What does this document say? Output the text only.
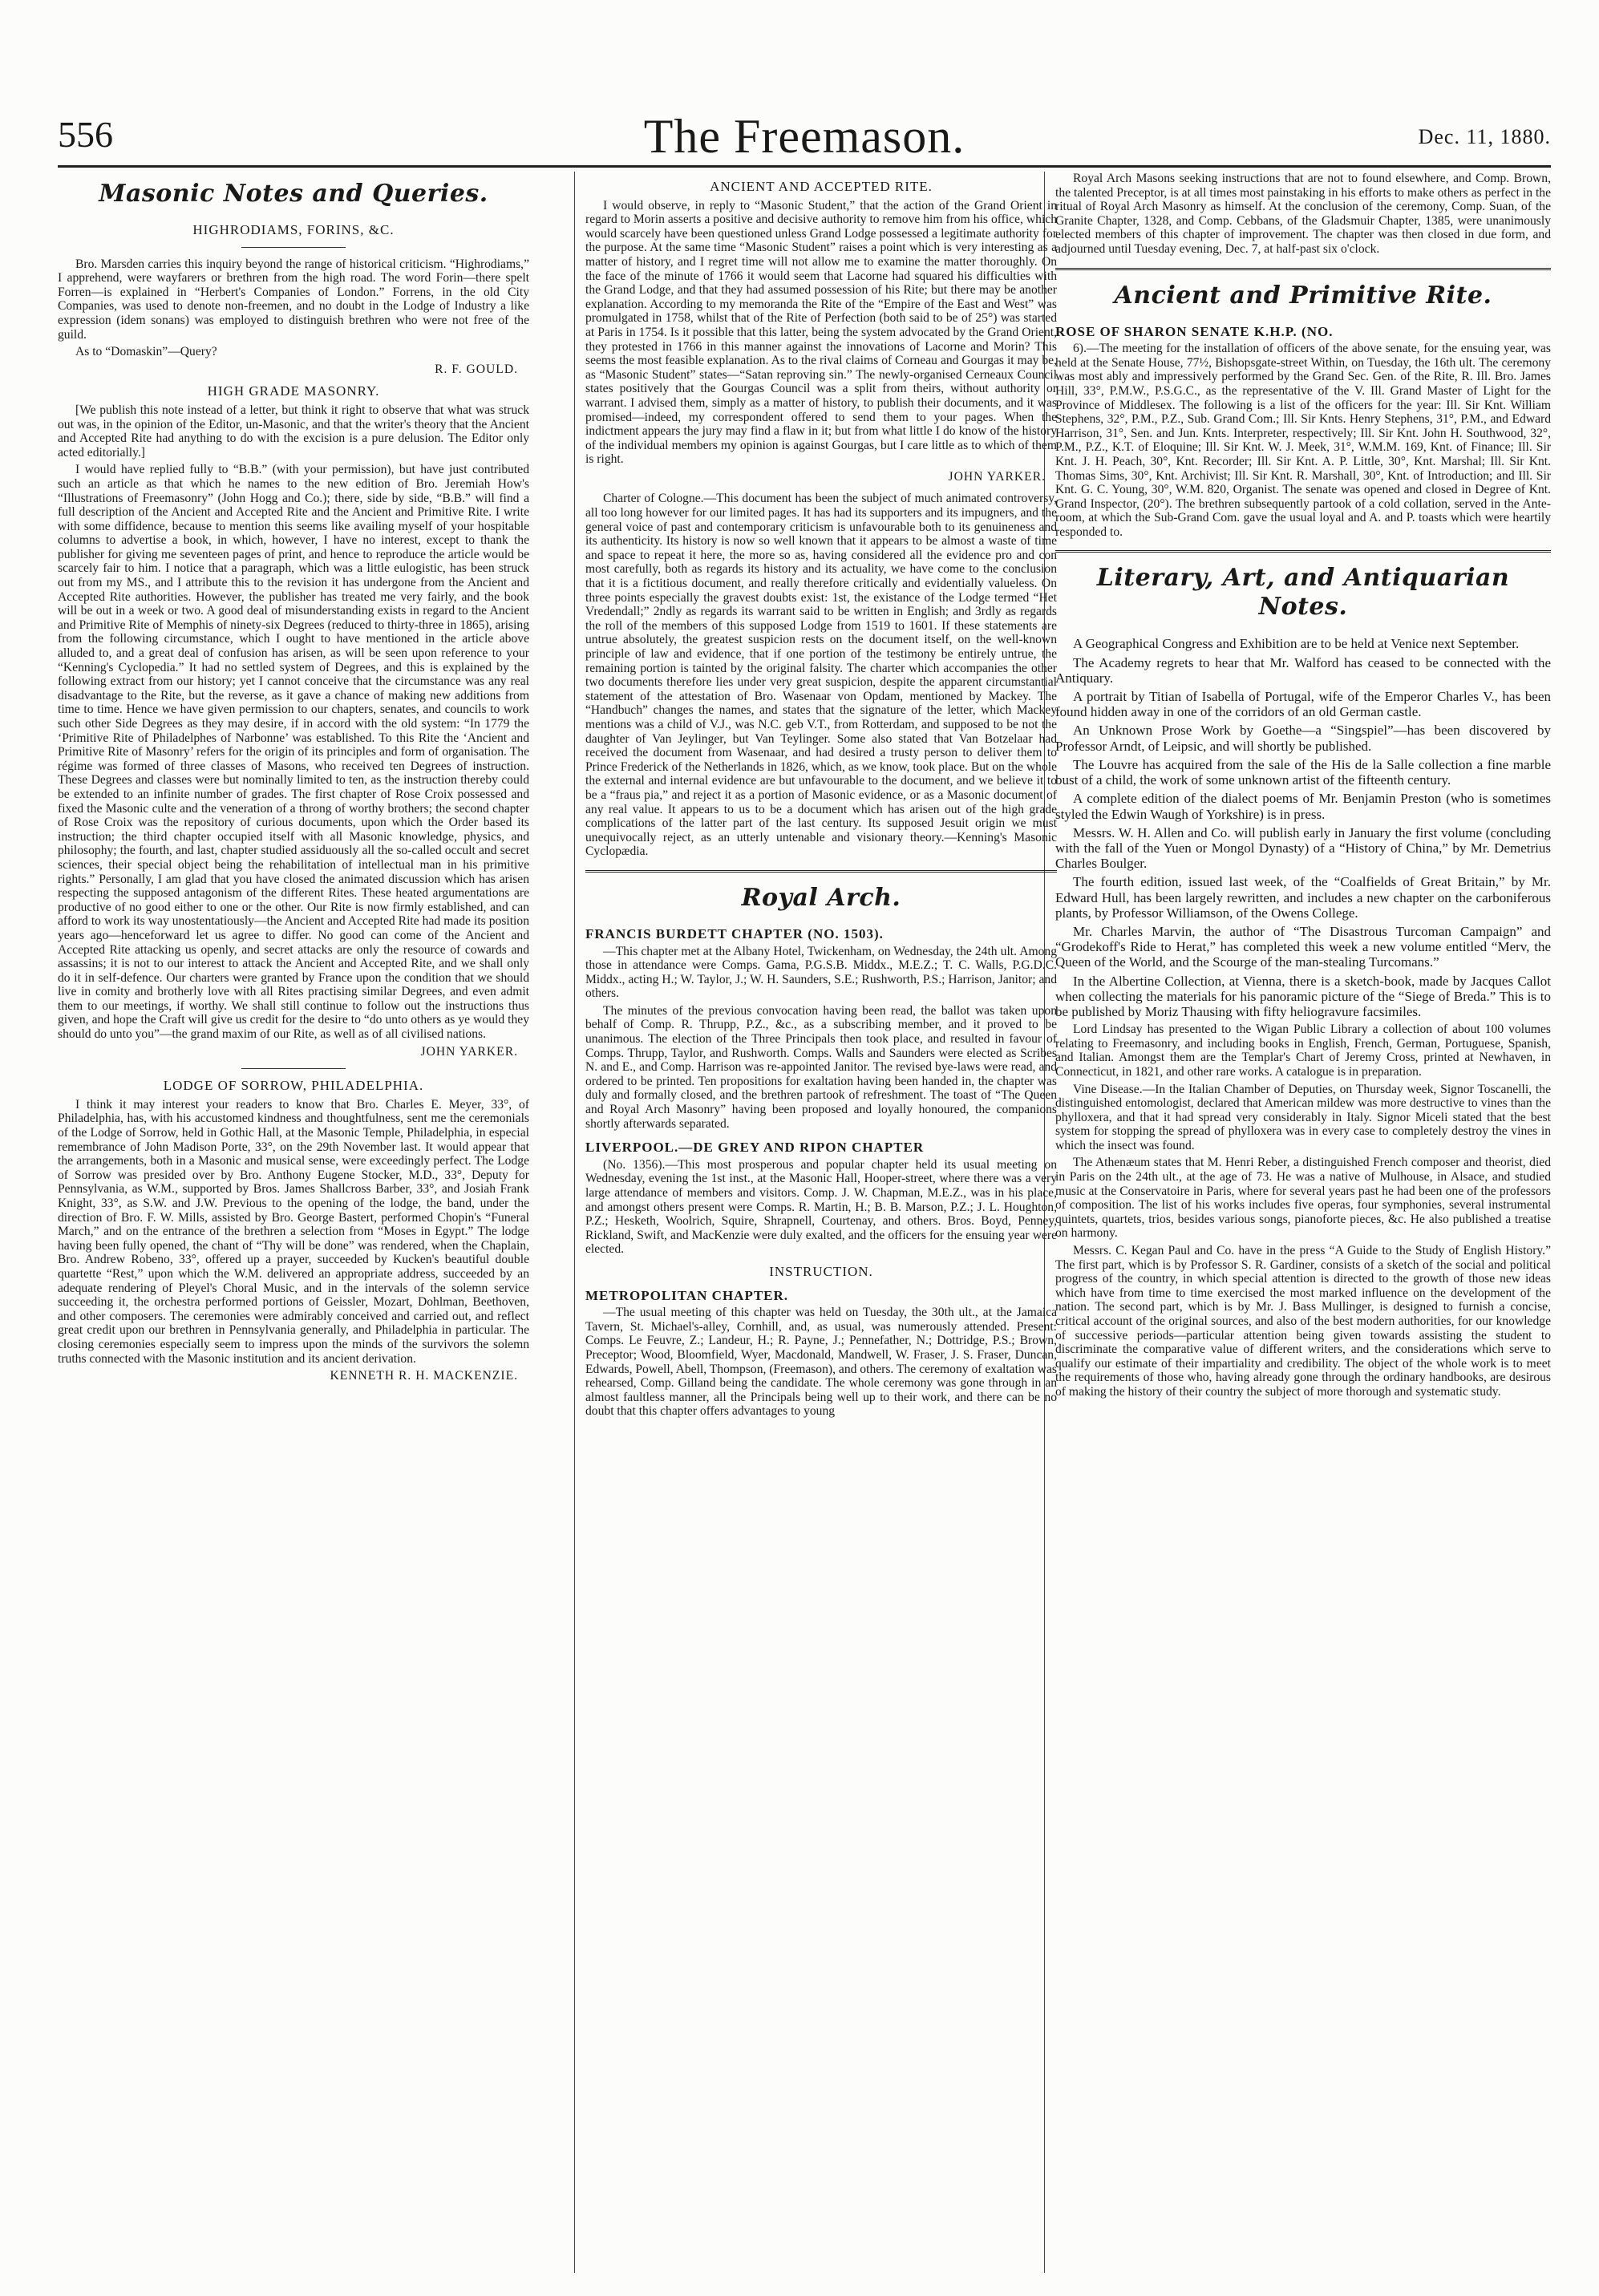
556	The Freemason.	Dec. 11, 1880.
Masonic Notes and Queries.
HIGHRODIAMS, FORINS, &C.

Bro. Marsden carries this inquiry beyond the range of historical criticism. “Highrodiams,” I apprehend, were wayfarers or brethren from the high road. The word Forin—there spelt Forren—is explained in “Herbert's Companies of London.” Forrens, in the old City Companies, was used to denote non-freemen, and no doubt in the Lodge of Industry a like expression (idem sonans) was employed to distinguish brethren who were not free of the guild.

As to “Domaskin”—Query?

R. F. GOULD.
HIGH GRADE MASONRY.

[We publish this note instead of a letter, but think it right to observe that what was struck out was, in the opinion of the Editor, un-Masonic, and that the writer's theory that the Ancient and Accepted Rite had anything to do with the excision is a pure delusion. The Editor only acted editorially.]

I would have replied fully to “B.B.” (with your permission), but have just contributed such an article as that which he names to the new edition of Bro. Jeremiah How's “Illustrations of Freemasonry” (John Hogg and Co.); there, side by side, “B.B.” will find a full description of the Ancient and Accepted Rite and the Ancient and Primitive Rite. I write with some diffidence, because to mention this seems like availing myself of your hospitable columns to advertise a book, in which, however, I have no interest, except to thank the publisher for giving me seventeen pages of print, and hence to reproduce the article would be scarcely fair to him. I notice that a paragraph, which was a little eulogistic, has been struck out from my MS., and I attribute this to the revision it has undergone from the Ancient and Accepted Rite authorities. However, the publisher has treated me very fairly, and the book will be out in a week or two. A good deal of misunderstanding exists in regard to the Ancient and Primitive Rite of Memphis of ninety-six Degrees (reduced to thirty-three in 1865), arising from the following circumstance, which I ought to have mentioned in the article above alluded to, and a great deal of confusion has arisen, as will be seen upon reference to your “Kenning's Cyclopedia.” It had no settled system of Degrees, and this is explained by the following extract from our history; yet I cannot conceive that the circumstance was any real disadvantage to the Rite, but the reverse, as it gave a chance of making new additions from time to time. Hence we have given permission to our chapters, senates, and councils to work such other Side Degrees as they may desire, if in accord with the old system: “In 1779 the ‘Primitive Rite of Philadelphes of Narbonne’ was established. To this Rite the ‘Ancient and Primitive Rite of Masonry’ refers for the origin of its principles and form of organisation. The régime was formed of three classes of Masons, who received ten Degrees of instruction. These Degrees and classes were but nominally limited to ten, as the instruction thereby could be extended to an infinite number of grades. The first chapter of Rose Croix possessed and fixed the Masonic culte and the veneration of a throng of worthy brothers; the second chapter of Rose Croix was the repository of curious documents, upon which the Order based its instruction; the third chapter occupied itself with all Masonic knowledge, physics, and philosophy; the fourth, and last, chapter studied assiduously all the so-called occult and secret sciences, their special object being the rehabilitation of intellectual man in his primitive rights.” Personally, I am glad that you have closed the animated discussion which has arisen respecting the supposed antagonism of the different Rites. These heated argumentations are productive of no good either to one or the other. Our Rite is now firmly established, and can afford to work its way unostentatiously—the Ancient and Accepted Rite had made its position years ago—henceforward let us agree to differ. No good can come of the Ancient and Accepted Rite attacking us openly, and secret attacks are only the resource of cowards and assassins; it is not to our interest to attack the Ancient and Accepted Rite, and we shall only do it in self-defence. Our charters were granted by France upon the condition that we should live in comity and brotherly love with all Rites practising similar Degrees, and even admit them to our meetings, if worthy. We shall still continue to follow out the instructions thus given, and hope the Craft will give us credit for the desire to “do unto others as ye would they should do unto you”—the grand maxim of our Rite, as well as of all civilised nations.

JOHN YARKER.
LODGE OF SORROW, PHILADELPHIA.

I think it may interest your readers to know that Bro. Charles E. Meyer, 33°, of Philadelphia, has, with his accustomed kindness and thoughtfulness, sent me the ceremonials of the Lodge of Sorrow, held in Gothic Hall, at the Masonic Temple, Philadelphia, in especial remembrance of John Madison Porte, 33°, on the 29th November last. It would appear that the arrangements, both in a Masonic and musical sense, were exceedingly perfect. The Lodge of Sorrow was presided over by Bro. Anthony Eugene Stocker, M.D., 33°, Deputy for Pennsylvania, as W.M., supported by Bros. James Shallcross Barber, 33°, and Josiah Frank Knight, 33°, as S.W. and J.W. Previous to the opening of the lodge, the band, under the direction of Bro. F. W. Mills, assisted by Bro. George Bastert, performed Chopin's “Funeral March,” and on the entrance of the brethren a selection from “Moses in Egypt.” The lodge having been fully opened, the chant of “Thy will be done” was rendered, when the Chaplain, Bro. Andrew Robeno, 33°, offered up a prayer, succeeded by Kucken's beautiful double quartette “Rest,” upon which the W.M. delivered an appropriate address, succeeded by an adequate rendering of Pleyel's Choral Music, and in the intervals of the solemn service succeeding it, the orchestra performed portions of Geissler, Mozart, Dohlman, Beethoven, and other composers. The ceremonies were admirably conceived and carried out, and reflect great credit upon our brethren in Pennsylvania generally, and Philadelphia in particular. The closing ceremonies especially seem to impress upon the minds of the survivors the solemn truths connected with the Masonic institution and its ancient derivation.

KENNETH R. H. MACKENZIE.
ANCIENT AND ACCEPTED RITE.

I would observe, in reply to “Masonic Student,” that the action of the Grand Orient in regard to Morin asserts a positive and decisive authority to remove him from his office, which would scarcely have been questioned unless Grand Lodge possessed a legitimate authority for the purpose. At the same time “Masonic Student” raises a point which is very interesting as a matter of history, and I regret time will not allow me to examine the matter thoroughly. On the face of the minute of 1766 it would seem that Lacorne had squared his difficulties with the Grand Lodge, and that they had assumed possession of his Rite; but there may be another explanation. According to my memoranda the Rite of the “Empire of the East and West” was promulgated in 1758, whilst that of the Rite of Perfection (both said to be of 25°) was started at Paris in 1754. Is it possible that this latter, being the system advocated by the Grand Orient, they protested in 1766 in this manner against the innovations of Lacorne and Morin? This seems the most feasible explanation. As to the rival claims of Corneau and Gourgas it may be, as “Masonic Student” states—“Satan reproving sin.” The newly-organised Cerneaux Council states positively that the Gourgas Council was a split from theirs, without authority or warrant. I advised them, simply as a matter of history, to publish their documents, and it was promised—indeed, my correspondent offered to send them to your pages. When the indictment appears the jury may find a flaw in it; but from what little I do know of the history of the individual members my opinion is against Gourgas, but I care little as to which of them is right.

JOHN YARKER.

Charter of Cologne.—This document has been the subject of much animated controversy, all too long however for our limited pages. It has had its supporters and its impugners, and the general voice of past and contemporary criticism is unfavourable both to its genuineness and its authenticity. Its history is now so well known that it appears to be almost a waste of time and space to repeat it here, the more so as, having considered all the evidence pro and con most carefully, both as regards its history and its actuality, we have come to the conclusion that it is a fictitious document, and really therefore critically and evidentially valueless. On three points especially the gravest doubts exist: 1st, the existance of the Lodge termed “Het Vredendall;” 2ndly as regards its warrant said to be written in English; and 3rdly as regards the roll of the members of this supposed Lodge from 1519 to 1601. If these statements are untrue absolutely, the greatest suspicion rests on the document itself, on the well-known principle of law and evidence, that if one portion of the testimony be entirely untrue, the remaining portion is tainted by the original falsity. The charter which accompanies the other two documents therefore lies under very great suspicion, despite the apparent circumstantial statement of the attestation of Bro. Wasenaar von Opdam, mentioned by Mackey. The “Handbuch” changes the names, and states that the signature of the letter, which Mackey mentions was a child of V.J., was N.C. geb V.T., from Rotterdam, and supposed to be not the daughter of Van Jeylinger, but Van Teylinger. Some also stated that Van Botzelaar had received the document from Wasenaar, and had desired a trusty person to deliver them to Prince Frederick of the Netherlands in 1826, which, as we know, took place. But on the whole the external and internal evidence are but unfavourable to the document, and we believe it to be a “fraus pia,” and reject it as a portion of Masonic evidence, or as a Masonic document of any real value. It appears to us to be a document which has arisen out of the high grade complications of the latter part of the last century. Its supposed Jesuit origin we must unequivocally reject, as an utterly untenable and visionary theory.—Kenning's Masonic Cyclopædia.

Royal Arch.
FRANCIS BURDETT CHAPTER (NO. 1503).

—This chapter met at the Albany Hotel, Twickenham, on Wednesday, the 24th ult. Among those in attendance were Comps. Gama, P.G.S.B. Middx., M.E.Z.; T. C. Walls, P.G.D.C. Middx., acting H.; W. Taylor, J.; W. H. Saunders, S.E.; Rushworth, P.S.; Harrison, Janitor; and others.

The minutes of the previous convocation having been read, the ballot was taken upon behalf of Comp. R. Thrupp, P.Z., &c., as a subscribing member, and it proved to be unanimous. The election of the Three Principals then took place, and resulted in favour of Comps. Thrupp, Taylor, and Rushworth. Comps. Walls and Saunders were elected as Scribes N. and E., and Comp. Harrison was re-appointed Janitor. The revised bye-laws were read, and ordered to be printed. Ten propositions for exaltation having been handed in, the chapter was duly and formally closed, and the brethren partook of refreshment. The toast of “The Queen and Royal Arch Masonry” having been proposed and loyally honoured, the companions shortly afterwards separated.

LIVERPOOL.—DE GREY AND RIPON CHAPTER

(No. 1356).—This most prosperous and popular chapter held its usual meeting on Wednesday, evening the 1st inst., at the Masonic Hall, Hooper-street, where there was a very large attendance of members and visitors. Comp. J. W. Chapman, M.E.Z., was in his place, and amongst others present were Comps. R. Martin, H.; B. B. Marson, P.Z.; J. L. Houghton, P.Z.; Hesketh, Woolrich, Squire, Shrapnell, Courtenay, and others. Bros. Boyd, Penney, Rickland, Swift, and MacKenzie were duly exalted, and the officers for the ensuing year were elected.

INSTRUCTION.
METROPOLITAN CHAPTER.

—The usual meeting of this chapter was held on Tuesday, the 30th ult., at the Jamaica Tavern, St. Michael's-alley, Cornhill, and, as usual, was numerously attended. Present: Comps. Le Feuvre, Z.; Landeur, H.; R. Payne, J.; Pennefather, N.; Dottridge, P.S.; Brown, Preceptor; Wood, Bloomfield, Wyer, Macdonald, Mandwell, W. Fraser, J. S. Fraser, Duncan, Edwards, Powell, Abell, Thompson, (Freemason), and others. The ceremony of exaltation was rehearsed, Comp. Gilland being the candidate. The whole ceremony was gone through in an almost faultless manner, all the Principals being well up to their work, and there can be no doubt that this chapter offers advantages to young

Royal Arch Masons seeking instructions that are not to found elsewhere, and Comp. Brown, the talented Preceptor, is at all times most painstaking in his efforts to make others as perfect in the ritual of Royal Arch Masonry as himself. At the conclusion of the ceremony, Comp. Suan, of the Granite Chapter, 1328, and Comp. Cebbans, of the Gladsmuir Chapter, 1385, were unanimously elected members of this chapter of improvement. The chapter was then closed in due form, and adjourned until Tuesday evening, Dec. 7, at half-past six o'clock.

Ancient and Primitive Rite.
ROSE OF SHARON SENATE K.H.P. (NO.

6).—The meeting for the installation of officers of the above senate, for the ensuing year, was held at the Senate House, 77½, Bishopsgate-street Within, on Tuesday, the 16th ult. The ceremony was most ably and impressively performed by the Grand Sec. Gen. of the Rite, R. Ill. Bro. James Hill, 33°, P.M.W., P.S.G.C., as the representative of the V. Ill. Grand Master of Light for the Province of Middlesex. The following is a list of the officers for the year: Ill. Sir Knt. William Stephens, 32°, P.M., P.Z., Sub. Grand Com.; Ill. Sir Knts. Henry Stephens, 31°, P.M., and Edward Harrison, 31°, Sen. and Jun. Knts. Interpreter, respectively; Ill. Sir Knt. John H. Southwood, 32°, P.M., P.Z., K.T. of Eloquine; Ill. Sir Knt. W. J. Meek, 31°, W.M.M. 169, Knt. of Finance; Ill. Sir Knt. J. H. Peach, 30°, Knt. Recorder; Ill. Sir Knt. A. P. Little, 30°, Knt. Marshal; Ill. Sir Knt. Thomas Sims, 30°, Knt. Archivist; Ill. Sir Knt. R. Marshall, 30°, Knt. of Introduction; and Ill. Sir Knt. G. C. Young, 30°, W.M. 820, Organist. The senate was opened and closed in Degree of Knt. Grand Inspector, (20°). The brethren subsequently partook of a cold collation, served in the Ante-room, at which the Sub-Grand Com. gave the usual loyal and A. and P. toasts which were heartily responded to.

Literary, Art, and Antiquarian Notes.

A Geographical Congress and Exhibition are to be held at Venice next September.

The Academy regrets to hear that Mr. Walford has ceased to be connected with the Antiquary.

A portrait by Titian of Isabella of Portugal, wife of the Emperor Charles V., has been found hidden away in one of the corridors of an old German castle.

An Unknown Prose Work by Goethe—a “Singspiel”—has been discovered by Professor Arndt, of Leipsic, and will shortly be published.

The Louvre has acquired from the sale of the His de la Salle collection a fine marble bust of a child, the work of some unknown artist of the fifteenth century.

A complete edition of the dialect poems of Mr. Benjamin Preston (who is sometimes styled the Edwin Waugh of Yorkshire) is in press.

Messrs. W. H. Allen and Co. will publish early in January the first volume (concluding with the fall of the Yuen or Mongol Dynasty) of a “History of China,” by Mr. Demetrius Charles Boulger.

The fourth edition, issued last week, of the “Coalfields of Great Britain,” by Mr. Edward Hull, has been largely rewritten, and includes a new chapter on the carboniferous plants, by Professor Williamson, of the Owens College.

Mr. Charles Marvin, the author of “The Disastrous Turcoman Campaign” and “Grodekoff's Ride to Herat,” has completed this week a new volume entitled “Merv, the Queen of the World, and the Scourge of the man-stealing Turcomans.”

In the Albertine Collection, at Vienna, there is a sketch-book, made by Jacques Callot when collecting the materials for his panoramic picture of the “Siege of Breda.” This is to be published by Moriz Thausing with fifty heliogravure facsimiles.

Lord Lindsay has presented to the Wigan Public Library a collection of about 100 volumes relating to Freemasonry, and including books in English, French, German, Portuguese, Spanish, and Italian. Amongst them are the Templar's Chart of Jeremy Cross, printed at Newhaven, in Connecticut, in 1821, and other rare works. A catalogue is in preparation.

Vine Disease.—In the Italian Chamber of Deputies, on Thursday week, Signor Toscanelli, the distinguished entomologist, declared that American mildew was more destructive to vines than the phylloxera, and that it had spread very considerably in Italy. Signor Miceli stated that the best system for stopping the spread of phylloxera was in every case to completely destroy the vines in which the insect was found.

The Athenæum states that M. Henri Reber, a distinguished French composer and theorist, died in Paris on the 24th ult., at the age of 73. He was a native of Mulhouse, in Alsace, and studied music at the Conservatoire in Paris, where for several years past he had been one of the professors of composition. The list of his works includes five operas, four symphonies, several instrumental quintets, quartets, trios, besides various songs, pianoforte pieces, &c. He also published a treatise on harmony.

Messrs. C. Kegan Paul and Co. have in the press “A Guide to the Study of English History.” The first part, which is by Professor S. R. Gardiner, consists of a sketch of the social and political progress of the country, in which special attention is directed to the growth of those new ideas which have from time to time exercised the most marked influence on the development of the nation. The second part, which is by Mr. J. Bass Mullinger, is designed to furnish a concise, critical account of the original sources, and also of the best modern authorities, for our knowledge of successive periods—particular attention being given towards assisting the student to discriminate the comparative value of different writers, and the considerations which serve to qualify our estimate of their impartiality and credibility. The object of the whole work is to meet the requirements of those who, having already gone through the ordinary handbooks, are desirous of making the history of their country the subject of more thorough and systematic study.
